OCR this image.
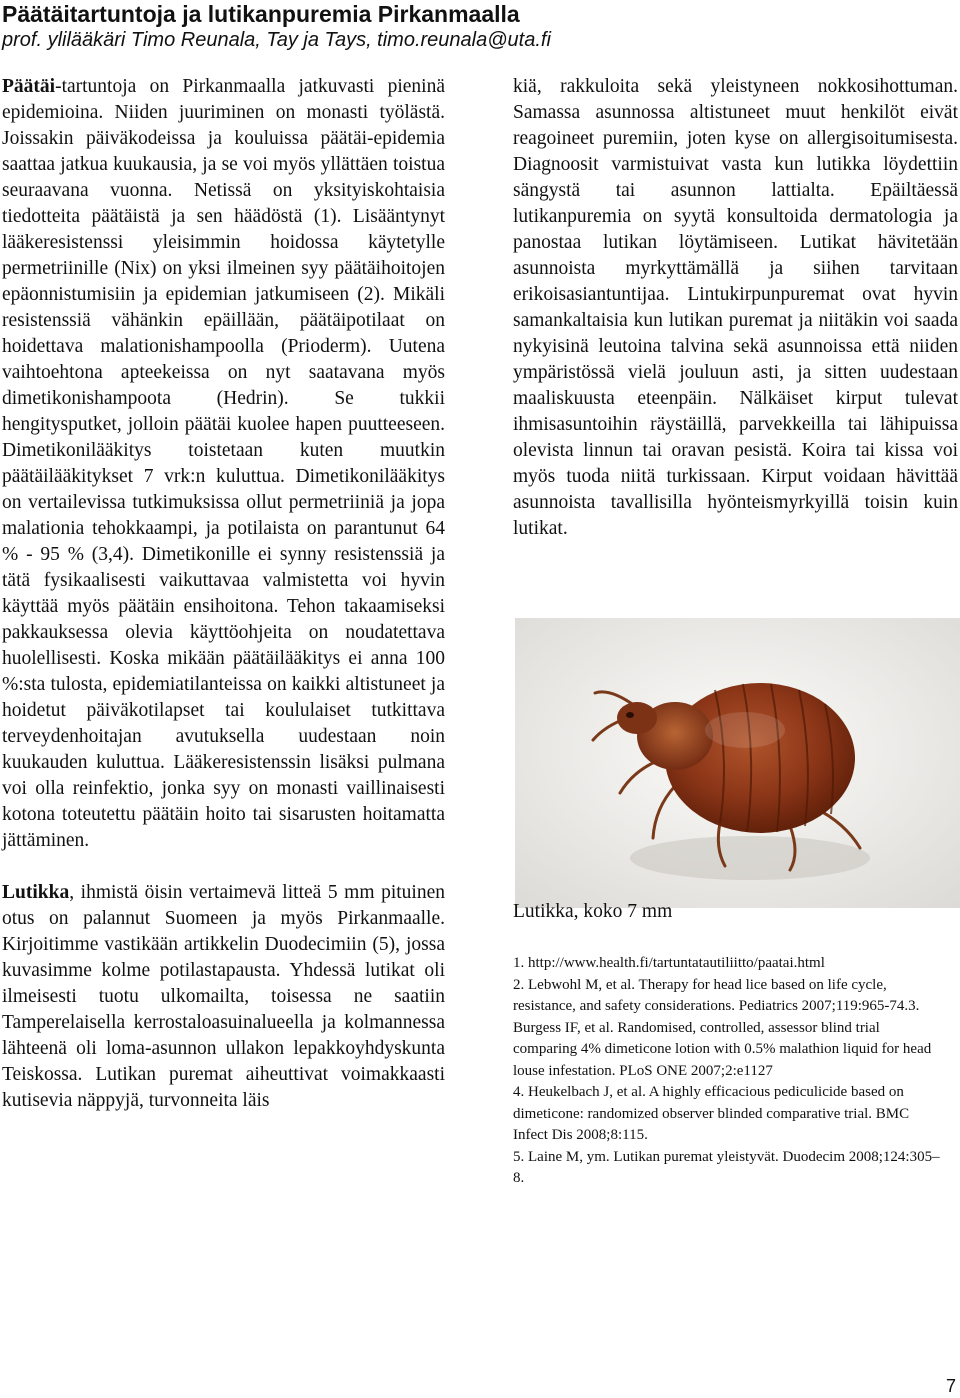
Päätäitartuntoja ja lutikanpuremia Pirkanmaalla

prof. ylilääkäri Timo Reunala, Tay ja Tays, timo.reunala@uta.fi

Päätäi-tartuntoja on Pirkanmaalla jatkuvasti pieninä epidemioina. Niiden juuriminen on monasti työlästä. Joissakin päiväkodeissa ja kouluissa päätäi-epidemia saattaa jatkua kuukausia, ja se voi myös yllättäen toistua seuraavana vuonna. Netissä on yksityiskohtaisia tiedotteita päätäistä ja sen häädöstä (1). Lisääntynyt lääkeresistenssi yleisimmin hoidossa käytetylle permetriinille (Nix) on yksi ilmeinen syy päätäihoitojen epäonnistumisiin ja epidemian jatkumiseen (2). Mikäli resistenssiä vähänkin epäillään, päätäipotilaat on hoidettava malationishampoolla (Prioderm). Uutena vaihtoehtona apteekeissa on nyt saatavana myös dimetikonishampoota (Hedrin). Se tukkii hengitysputket, jolloin päätäi kuolee hapen puutteeseen. Dimetikonilääkitys toistetaan kuten muutkin päätäilääkitykset 7 vrk:n kuluttua. Dimetikonilääkitys on vertailevissa tutkimuksissa ollut permetriiniä ja jopa malationia tehokkaampi, ja potilaista on parantunut 64 % - 95 % (3,4). Dimetikonille ei synny resistenssiä ja tätä fysikaalisesti vaikuttavaa valmistetta voi hyvin käyttää myös päätäin ensihoitona. Tehon takaamiseksi pakkauksessa olevia käyttöohjeita on noudatettava huolellisesti. Koska mikään päätäilääkitys ei anna 100 %:sta tulosta, epidemiatilanteissa on kaikki altistuneet ja hoidetut päiväkotilapset tai koululaiset tutkittava terveydenhoitajan avutuksella uudestaan noin kuukauden kuluttua. Lääkeresistenssin lisäksi pulmana voi olla reinfektio, jonka syy on monasti vaillinaisesti kotona toteutettu päätäin hoito tai sisarusten hoitamatta jättäminen.

Lutikka, ihmistä öisin vertaimevä litteä 5 mm pituinen otus on palannut Suomeen ja myös Pirkanmaalle. Kirjoitimme vastikään artikkelin Duodecimiin (5), jossa kuvasimme kolme potilastapausta. Yhdessä lutikat oli ilmeisesti tuotu ulkomailta, toisessa ne saatiin Tamperelaisella kerrostaloasuinalueella ja kolmannessa lähteenä oli loma-asunnon ullakon lepakkoyhdyskunta Teiskossa. Lutikan puremat aiheuttivat voimakkaasti kutisevia näppyjä, turvonneita läis

kiä, rakkuloita sekä yleistyneen nokkosihottuman. Samassa asunnossa altistuneet muut henkilöt eivät reagoineet puremiin, joten kyse on allergisoitumisesta. Diagnoosit varmistuivat vasta kun lutikka löydettiin sängystä tai asunnon lattialta. Epäiltäessä lutikanpuremia on syytä konsultoida dermatologia ja panostaa lutikan löytämiseen. Lutikat hävitetään asunnoista myrkyttämällä ja siihen tarvitaan erikoisasiantuntijaa. Lintukirpunpuremat ovat hyvin samankaltaisia kun lutikan puremat ja niitäkin voi saada nykyisinä leutoina talvina sekä asunnoissa että niiden ympäristössä vielä jouluun asti, ja sitten uudestaan maaliskuusta eteenpäin. Nälkäiset kirput tulevat ihmisasuntoihin räystäillä, parvekkeilla tai lähipuissa olevista linnun tai oravan pesistä. Koira tai kissa voi myös tuoda niitä turkissaan. Kirput voidaan hävittää asunnoista tavallisilla hyönteismyrkyillä toisin kuin lutikat.

Lutikka, koko 7 mm
1. http://www.health.fi/tartuntatautiliitto/paatai.html
2. Lebwohl M, et al. Therapy for head lice based on life cycle, resistance, and safety considerations. Pediatrics 2007;119:965-74.3. Burgess IF, et al. Randomised, controlled, assessor blind trial comparing 4% dimeticone lotion with 0.5% malathion liquid for head louse infestation. PLoS ONE 2007;2:e1127
4. Heukelbach J, et al. A highly efficacious pediculicide based on dimeticone: randomized observer blinded comparative trial. BMC Infect Dis 2008;8:115.
5. Laine M, ym. Lutikan puremat yleistyvät. Duodecim 2008;124:305–8.
7
